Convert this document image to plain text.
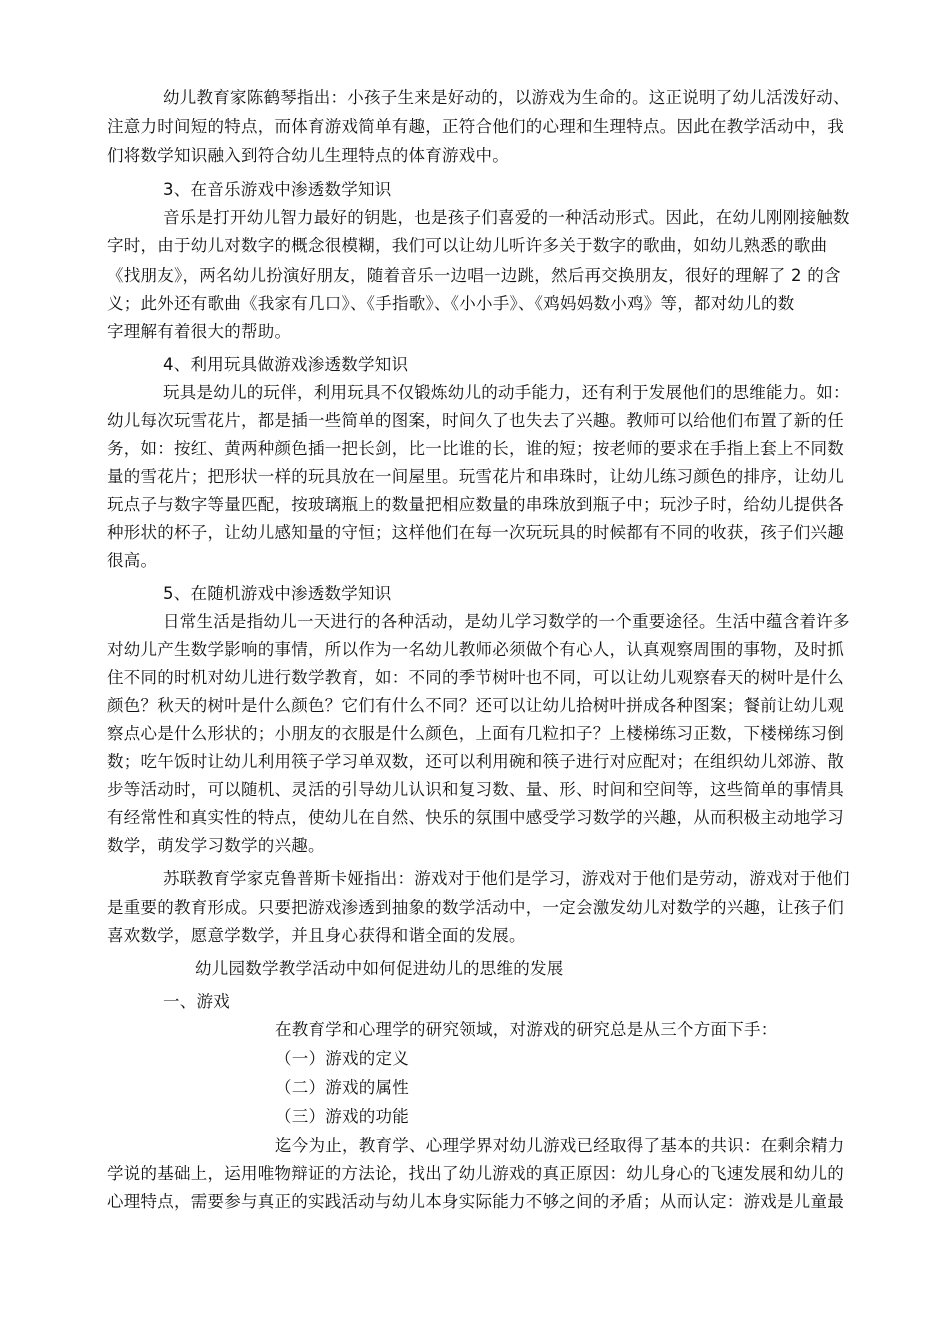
幼儿教育家陈鹤琴指出：小孩子生来是好动的，以游戏为生命的。这正说明了幼儿活泼好动、
注意力时间短的特点，而体育游戏简单有趣，正符合他们的心理和生理特点。因此在教学活动中，我
们将数学知识融入到符合幼儿生理特点的体育游戏中。
3、在音乐游戏中渗透数学知识
音乐是打开幼儿智力最好的钥匙，也是孩子们喜爱的一种活动形式。因此，在幼儿刚刚接触数
字时，由于幼儿对数字的概念很模糊，我们可以让幼儿听许多关于数字的歌曲，如幼儿熟悉的歌曲
《找朋友》，两名幼儿扮演好朋友，随着音乐一边唱一边跳，然后再交换朋友，很好的理解了 2 的含
义；此外还有歌曲《我家有几口》、《手指歌》、《小小手》、《鸡妈妈数小鸡》等，都对幼儿的数
字理解有着很大的帮助。
4、利用玩具做游戏渗透数学知识
玩具是幼儿的玩伴，利用玩具不仅锻炼幼儿的动手能力，还有利于发展他们的思维能力。如：
幼儿每次玩雪花片，都是插一些简单的图案，时间久了也失去了兴趣。教师可以给他们布置了新的任
务，如：按红、黄两种颜色插一把长剑，比一比谁的长，谁的短；按老师的要求在手指上套上不同数
量的雪花片；把形状一样的玩具放在一间屋里。玩雪花片和串珠时，让幼儿练习颜色的排序，让幼儿
玩点子与数字等量匹配，按玻璃瓶上的数量把相应数量的串珠放到瓶子中；玩沙子时，给幼儿提供各
种形状的杯子，让幼儿感知量的守恒；这样他们在每一次玩玩具的时候都有不同的收获，孩子们兴趣
很高。
5、在随机游戏中渗透数学知识
日常生活是指幼儿一天进行的各种活动，是幼儿学习数学的一个重要途径。生活中蕴含着许多
对幼儿产生数学影响的事情，所以作为一名幼儿教师必须做个有心人，认真观察周围的事物，及时抓
住不同的时机对幼儿进行数学教育，如：不同的季节树叶也不同，可以让幼儿观察春天的树叶是什么
颜色？秋天的树叶是什么颜色？它们有什么不同？还可以让幼儿拾树叶拼成各种图案；餐前让幼儿观
察点心是什么形状的；小朋友的衣服是什么颜色，上面有几粒扣子？上楼梯练习正数，下楼梯练习倒
数；吃午饭时让幼儿利用筷子学习单双数，还可以利用碗和筷子进行对应配对；在组织幼儿郊游、散
步等活动时，可以随机、灵活的引导幼儿认识和复习数、量、形、时间和空间等，这些简单的事情具
有经常性和真实性的特点，使幼儿在自然、快乐的氛围中感受学习数学的兴趣，从而积极主动地学习
数学，萌发学习数学的兴趣。
苏联教育学家克鲁普斯卡娅指出：游戏对于他们是学习，游戏对于他们是劳动，游戏对于他们
是重要的教育形成。只要把游戏渗透到抽象的数学活动中，一定会激发幼儿对数学的兴趣，让孩子们
喜欢数学，愿意学数学，并且身心获得和谐全面的发展。
幼儿园数学教学活动中如何促进幼儿的思维的发展
一、游戏
在教育学和心理学的研究领域，对游戏的研究总是从三个方面下手：
（一）游戏的定义
（二）游戏的属性
（三）游戏的功能
迄今为止，教育学、心理学界对幼儿游戏已经取得了基本的共识：在剩余精力
学说的基础上，运用唯物辩证的方法论，找出了幼儿游戏的真正原因：幼儿身心的飞速发展和幼儿的
心理特点，需要参与真正的实践活动与幼儿本身实际能力不够之间的矛盾；从而认定：游戏是儿童最
